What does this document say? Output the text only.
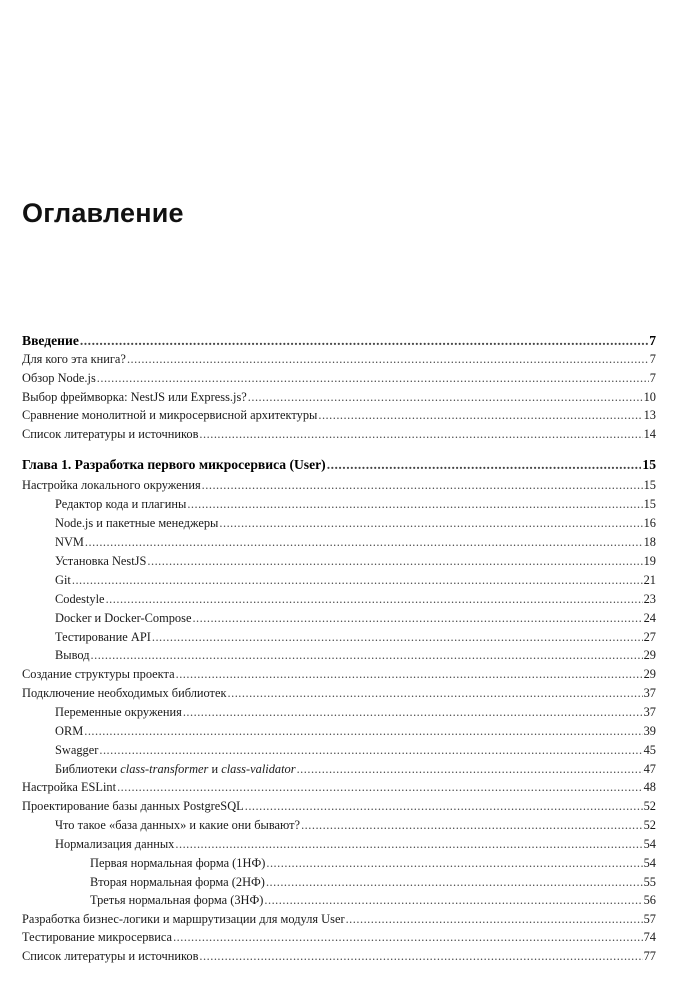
Оглавление
Введение .....	7
Для кого эта книга? .....	7
Обзор Node.js .....	7
Выбор фреймворка: NestJS или Express.js? .....	10
Сравнение монолитной и микросервисной архитектуры .....	13
Список литературы и источников .....	14
Глава 1. Разработка первого микросервиса (User) .....	15
Настройка локального окружения .....	15
Редактор кода и плагины .....	15
Node.js и пакетные менеджеры .....	16
NVM .....	18
Установка NestJS .....	19
Git .....	21
Codestyle .....	23
Docker и Docker-Compose .....	24
Тестирование API .....	27
Вывод .....	29
Создание структуры проекта .....	29
Подключение необходимых библиотек .....	37
Переменные окружения .....	37
ORM .....	39
Swagger .....	45
Библиотеки class-transformer и class-validator .....	47
Настройка ESLint .....	48
Проектирование базы данных PostgreSQL .....	52
Что такое «база данных» и какие они бывают? .....	52
Нормализация данных .....	54
Первая нормальная форма (1НФ) .....	54
Вторая нормальная форма (2НФ) .....	55
Третья нормальная форма (3НФ) .....	56
Разработка бизнес-логики и маршрутизации для модуля User .....	57
Тестирование микросервиса .....	74
Список литературы и источников .....	77
